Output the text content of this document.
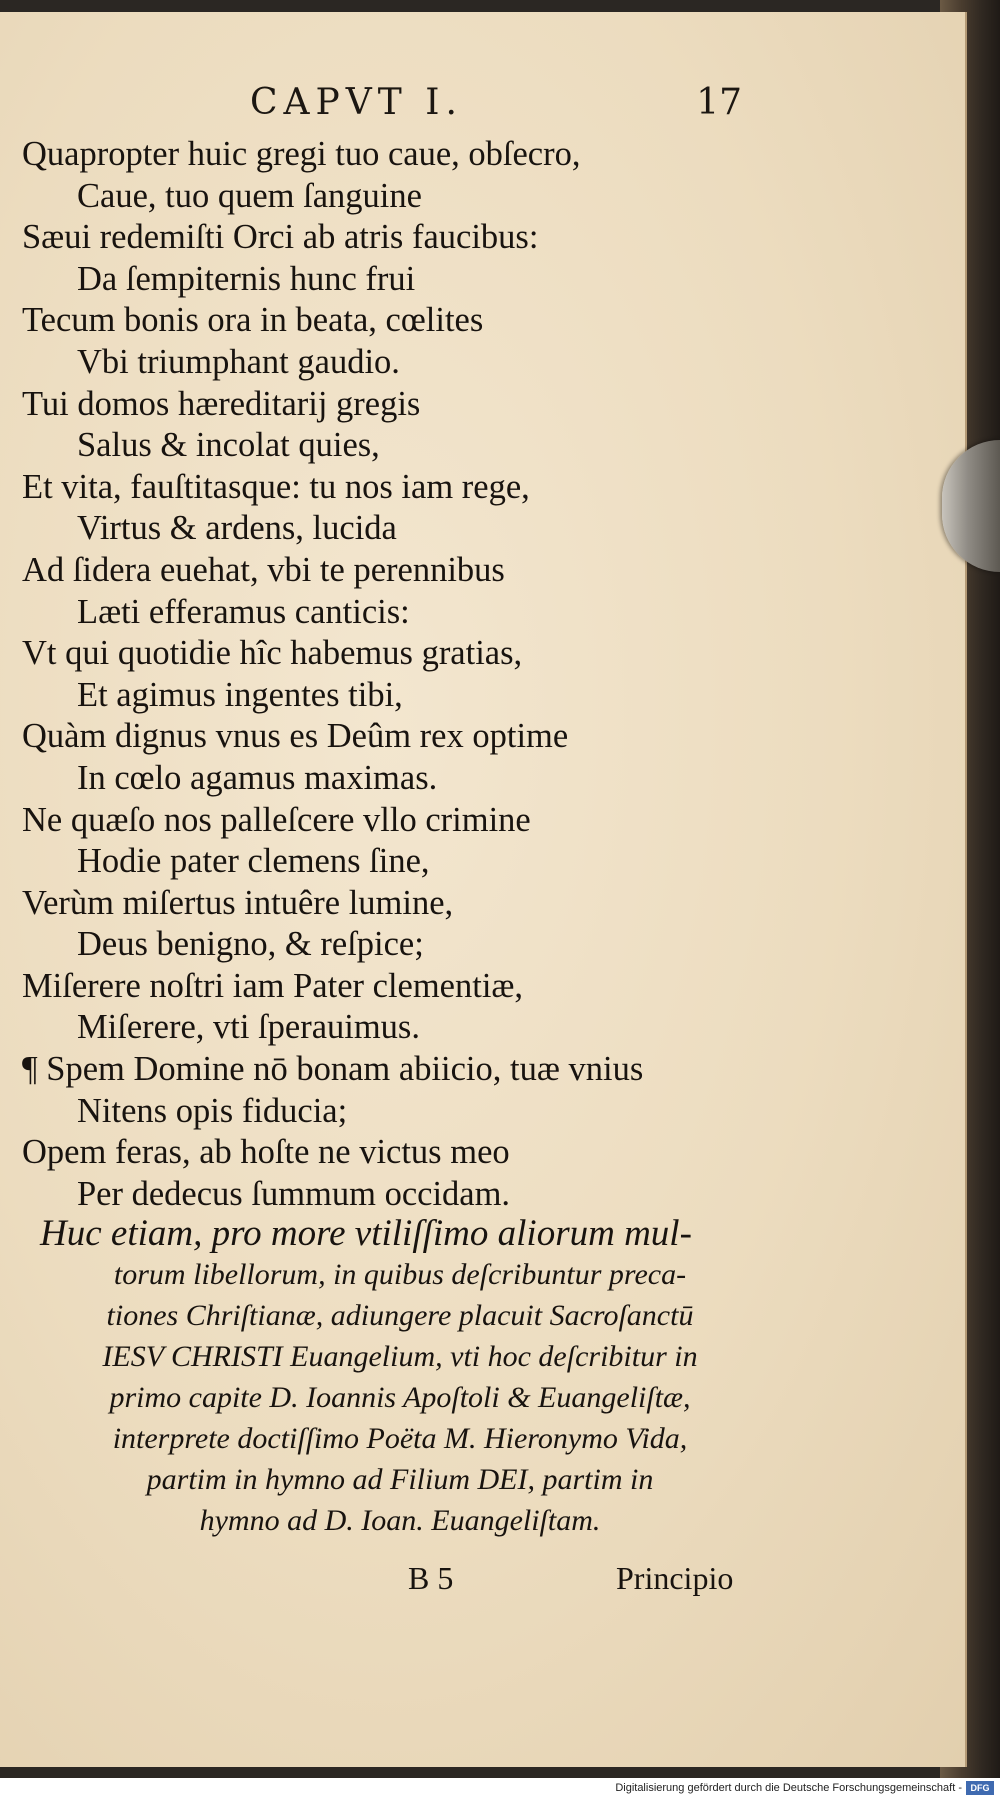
CAPVT I.	17
Quapropter huic gregi tuo caue, obſecro,
Caue, tuo quem ſanguine
Sæui redemiſti Orci ab atris faucibus:
Da ſempiternis hunc frui
Tecum bonis ora in beata, cœlites
Vbi triumphant gaudio.
Tui domos hæreditarij gregis
Salus & incolat quies,
Et vita, fauſtitasque: tu nos iam rege,
Virtus & ardens, lucida
Ad ſidera euehat, vbi te perennibus
Læti efferamus canticis:
Vt qui quotidie hîc habemus gratias,
Et agimus ingentes tibi,
Quàm dignus vnus es Deûm rex optime
In cœlo agamus maximas.
Ne quæſo nos palleſcere vllo crimine
Hodie pater clemens ſine,
Verùm miſertus intuêre lumine,
Deus benigno, & reſpice;
Miſerere noſtri iam Pater clementiæ,
Miſerere, vti ſperauimus.
¶ Spem Domine nō bonam abiicio, tuæ vnius
Nitens opis fiducia;
Opem feras, ab hoſte ne victus meo
Per dedecus ſummum occidam.
Huc etiam, pro more vtiliſſimo aliorum mul-
torum libellorum, in quibus deſcribuntur preca-
tiones Chriſtianæ, adiungere placuit Sacroſanctū
IESV CHRISTI Euangelium, vti hoc deſcribitur in
primo capite D. Ioannis Apoſtoli & Euangeliſtæ,
interprete doctiſſimo Poëta M. Hieronymo Vida,
partim in hymno ad Filium DEI, partim in
hymno ad D. Ioan. Euangeliſtam.
B 5	Principio
Digitalisierung gefördert durch die Deutsche Forschungsgemeinschaft - DFG
